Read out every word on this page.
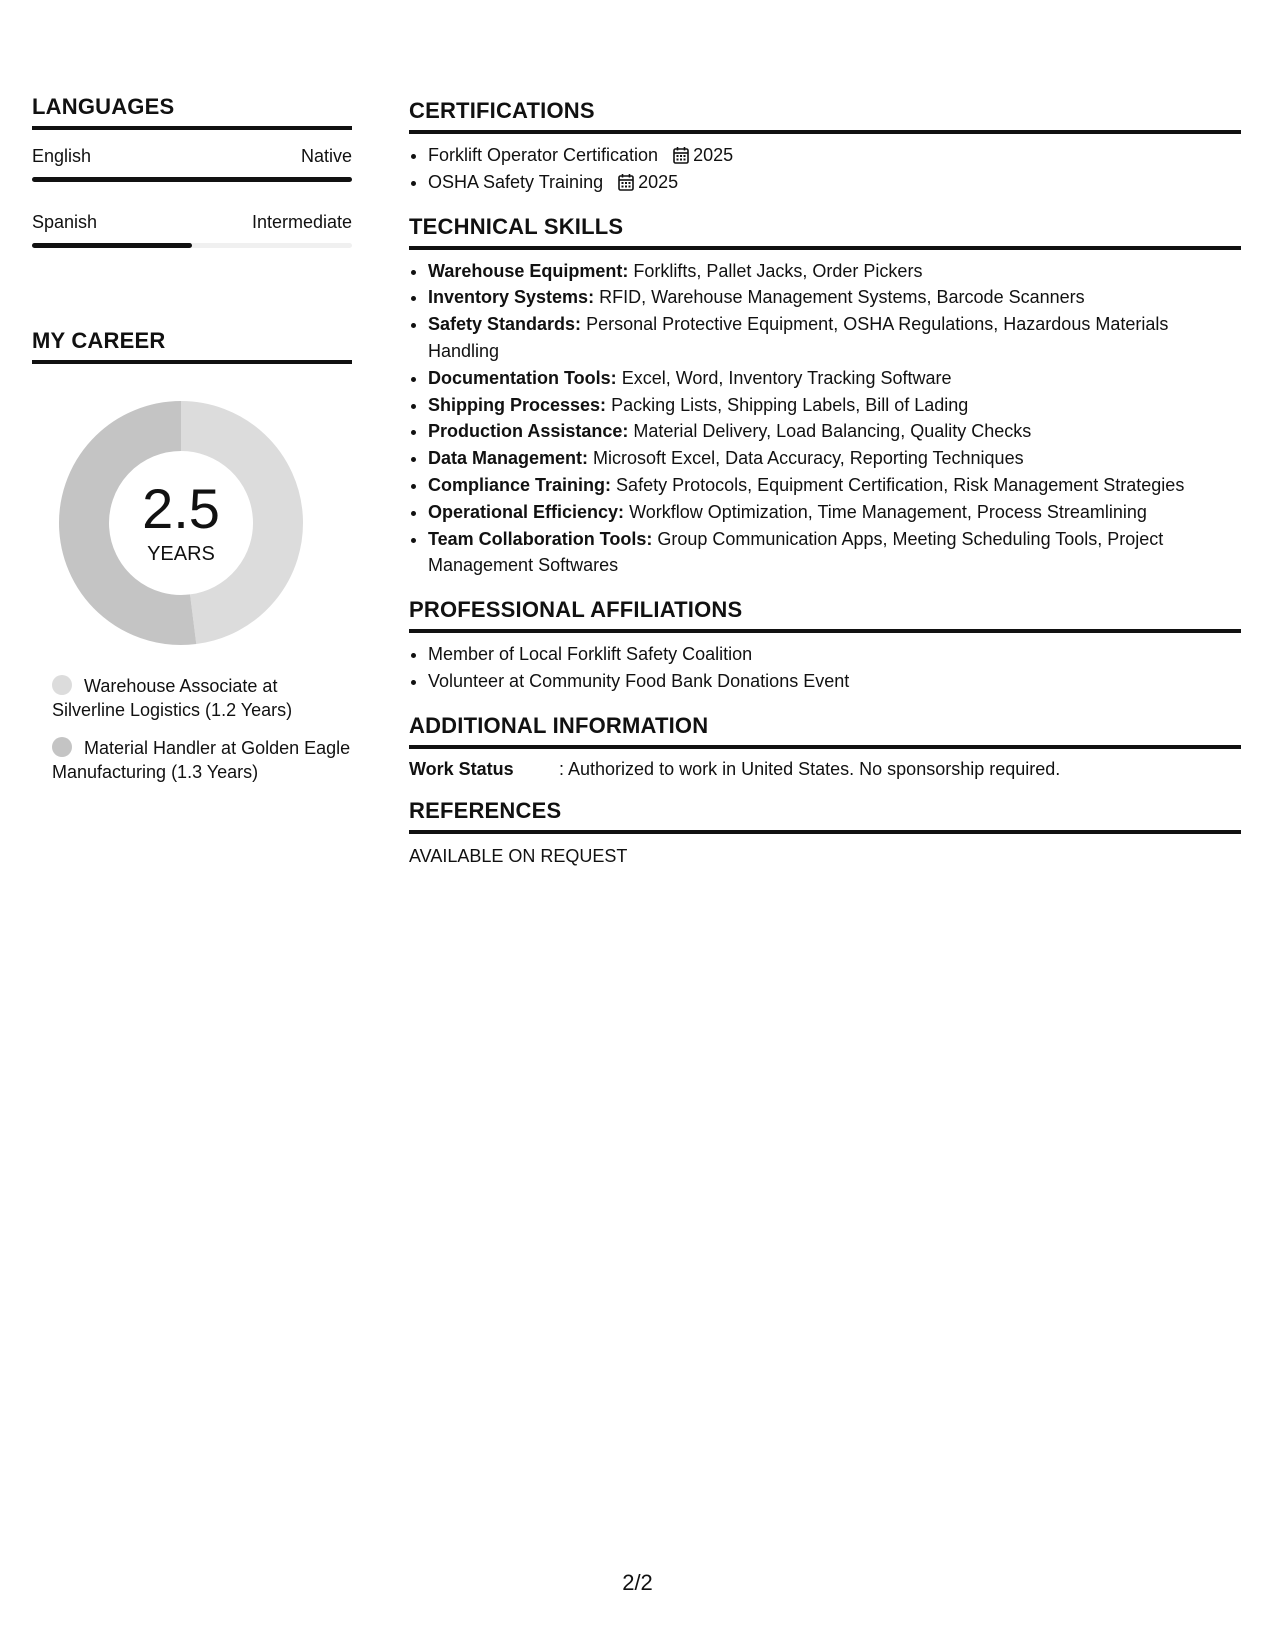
LANGUAGES
English	Native
Spanish	Intermediate
MY CAREER
2.5
YEARS
Warehouse Associate at Silverline Logistics (1.2 Years)
Material Handler at Golden Eagle Manufacturing (1.3 Years)
CERTIFICATIONS
• Forklift Operator Certification 2025
• OSHA Safety Training 2025
TECHNICAL SKILLS
• Warehouse Equipment: Forklifts, Pallet Jacks, Order Pickers
• Inventory Systems: RFID, Warehouse Management Systems, Barcode Scanners
• Safety Standards: Personal Protective Equipment, OSHA Regulations, Hazardous Materials Handling
• Documentation Tools: Excel, Word, Inventory Tracking Software
• Shipping Processes: Packing Lists, Shipping Labels, Bill of Lading
• Production Assistance: Material Delivery, Load Balancing, Quality Checks
• Data Management: Microsoft Excel, Data Accuracy, Reporting Techniques
• Compliance Training: Safety Protocols, Equipment Certification, Risk Management Strategies
• Operational Efficiency: Workflow Optimization, Time Management, Process Streamlining
• Team Collaboration Tools: Group Communication Apps, Meeting Scheduling Tools, Project Management Softwares
PROFESSIONAL AFFILIATIONS
• Member of Local Forklift Safety Coalition
• Volunteer at Community Food Bank Donations Event
ADDITIONAL INFORMATION
Work Status	: Authorized to work in United States. No sponsorship required.
REFERENCES
AVAILABLE ON REQUEST
2/2
